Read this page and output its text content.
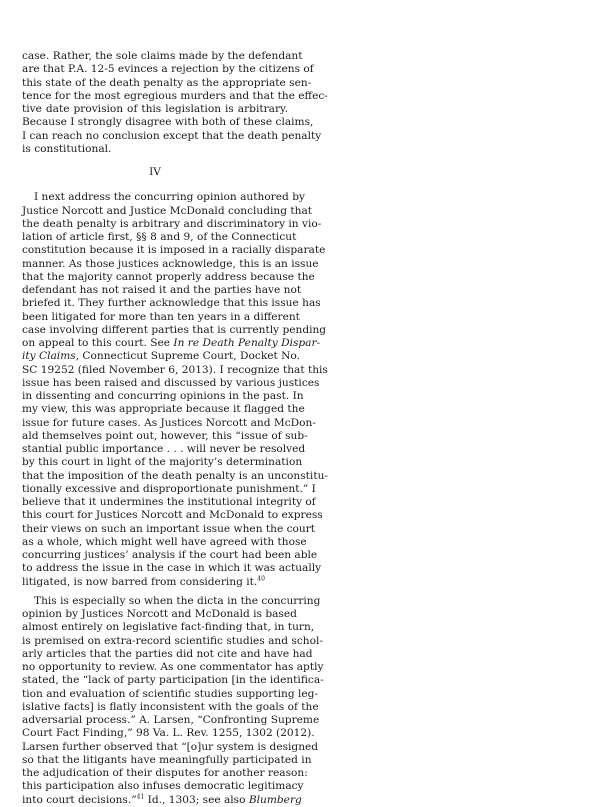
case. Rather, the sole claims made by the defendant
are that P.A. 12-5 evinces a rejection by the citizens of
this state of the death penalty as the appropriate sen-
tence for the most egregious murders and that the effec-
tive date provision of this legislation is arbitrary.
Because I strongly disagree with both of these claims,
I can reach no conclusion except that the death penalty
is constitutional.
IV
I next address the concurring opinion authored by
Justice Norcott and Justice McDonald concluding that
the death penalty is arbitrary and discriminatory in vio-
lation of article first, §§ 8 and 9, of the Connecticut
constitution because it is imposed in a racially disparate
manner. As those justices acknowledge, this is an issue
that the majority cannot properly address because the
defendant has not raised it and the parties have not
briefed it. They further acknowledge that this issue has
been litigated for more than ten years in a different
case involving different parties that is currently pending
on appeal to this court. See In re Death Penalty Dispar-
ity Claims, Connecticut Supreme Court, Docket No.
SC 19252 (filed November 6, 2013). I recognize that this
issue has been raised and discussed by various justices
in dissenting and concurring opinions in the past. In
my view, this was appropriate because it flagged the
issue for future cases. As Justices Norcott and McDon-
ald themselves point out, however, this “issue of sub-
stantial public importance . . . will never be resolved
by this court in light of the majority’s determination
that the imposition of the death penalty is an unconstitu-
tionally excessive and disproportionate punishment.” I
believe that it undermines the institutional integrity of
this court for Justices Norcott and McDonald to express
their views on such an important issue when the court
as a whole, which might well have agreed with those
concurring justices’ analysis if the court had been able
to address the issue in the case in which it was actually
litigated, is now barred from considering it.$^{40}$
This is especially so when the dicta in the concurring
opinion by Justices Norcott and McDonald is based
almost entirely on legislative fact-finding that, in turn,
is premised on extra-record scientific studies and schol-
arly articles that the parties did not cite and have had
no opportunity to review. As one commentator has aptly
stated, the “lack of party participation [in the identifica-
tion and evaluation of scientific studies supporting leg-
islative facts] is flatly inconsistent with the goals of the
adversarial process.” A. Larsen, “Confronting Supreme
Court Fact Finding,” 98 Va. L. Rev. 1255, 1302 (2012).
Larsen further observed that “[o]ur system is designed
so that the litigants have meaningfully participated in
the adjudication of their disputes for another reason:
this participation also infuses democratic legitimacy
into court decisions.”$^{41}$ Id., 1303; see also Blumberg
